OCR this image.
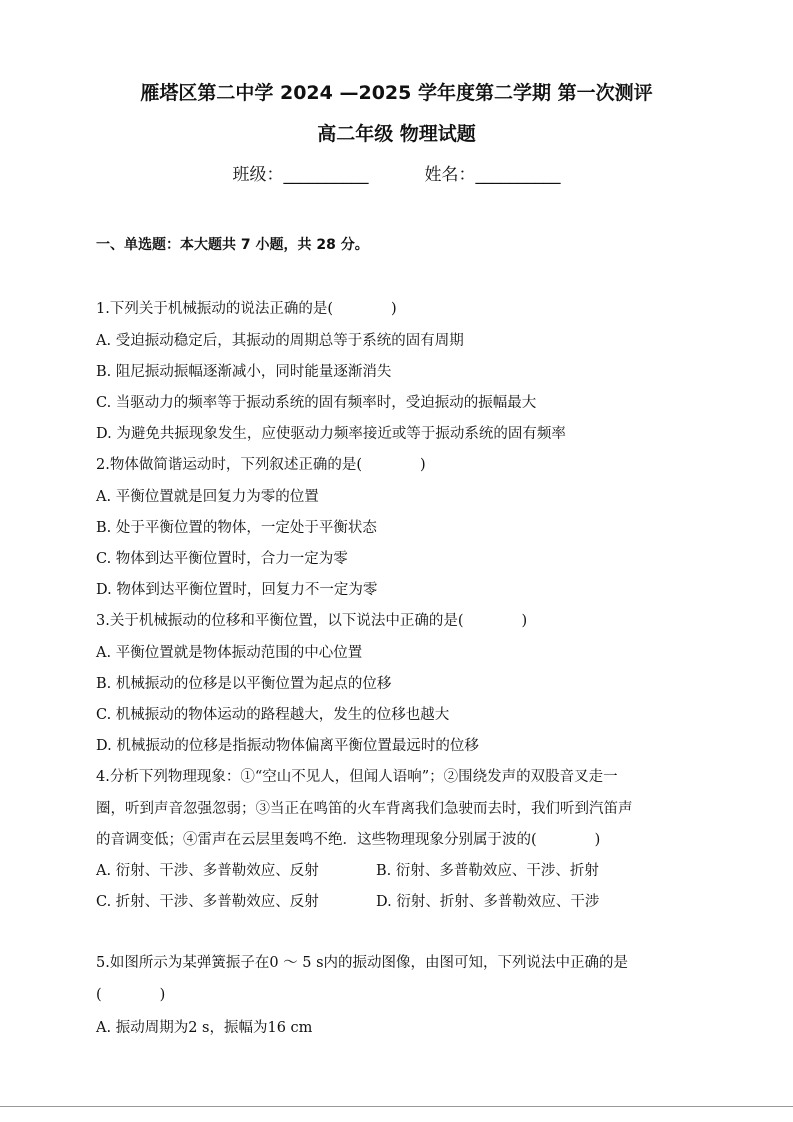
雁塔区第二中学 2024 —2025 学年度第二学期 第一次测评
高二年级 物理试题
班级：__________	姓名：__________
一、单选题：本大题共 7 小题，共 28 分。
1.下列关于机械振动的说法正确的是(　　　　)
A. 受迫振动稳定后，其振动的周期总等于系统的固有周期
B. 阻尼振动振幅逐渐减小，同时能量逐渐消失
C. 当驱动力的频率等于振动系统的固有频率时，受迫振动的振幅最大
D. 为避免共振现象发生，应使驱动力频率接近或等于振动系统的固有频率
2.物体做简谐运动时，下列叙述正确的是(　　　　)
A. 平衡位置就是回复力为零的位置
B. 处于平衡位置的物体，一定处于平衡状态
C. 物体到达平衡位置时，合力一定为零
D. 物体到达平衡位置时，回复力不一定为零
3.关于机械振动的位移和平衡位置，以下说法中正确的是(　　　　)
A. 平衡位置就是物体振动范围的中心位置
B. 机械振动的位移是以平衡位置为起点的位移
C. 机械振动的物体运动的路程越大，发生的位移也越大
D. 机械振动的位移是指振动物体偏离平衡位置最远时的位移
4.分析下列物理现象：①“空山不见人，但闻人语响”；②围绕发声的双股音叉走一
圈，听到声音忽强忽弱；③当正在鸣笛的火车背离我们急驶而去时，我们听到汽笛声
的音调变低；④雷声在云层里轰鸣不绝．这些物理现象分别属于波的(　　　　)
A. 衍射、干涉、多普勒效应、反射	B. 衍射、多普勒效应、干涉、折射
C. 折射、干涉、多普勒效应、反射	D. 衍射、折射、多普勒效应、干涉
5.如图所示为某弹簧振子在0 ～ 5 s内的振动图像，由图可知，下列说法中正确的是
(　　　　)
A. 振动周期为2 s，振幅为16 cm
